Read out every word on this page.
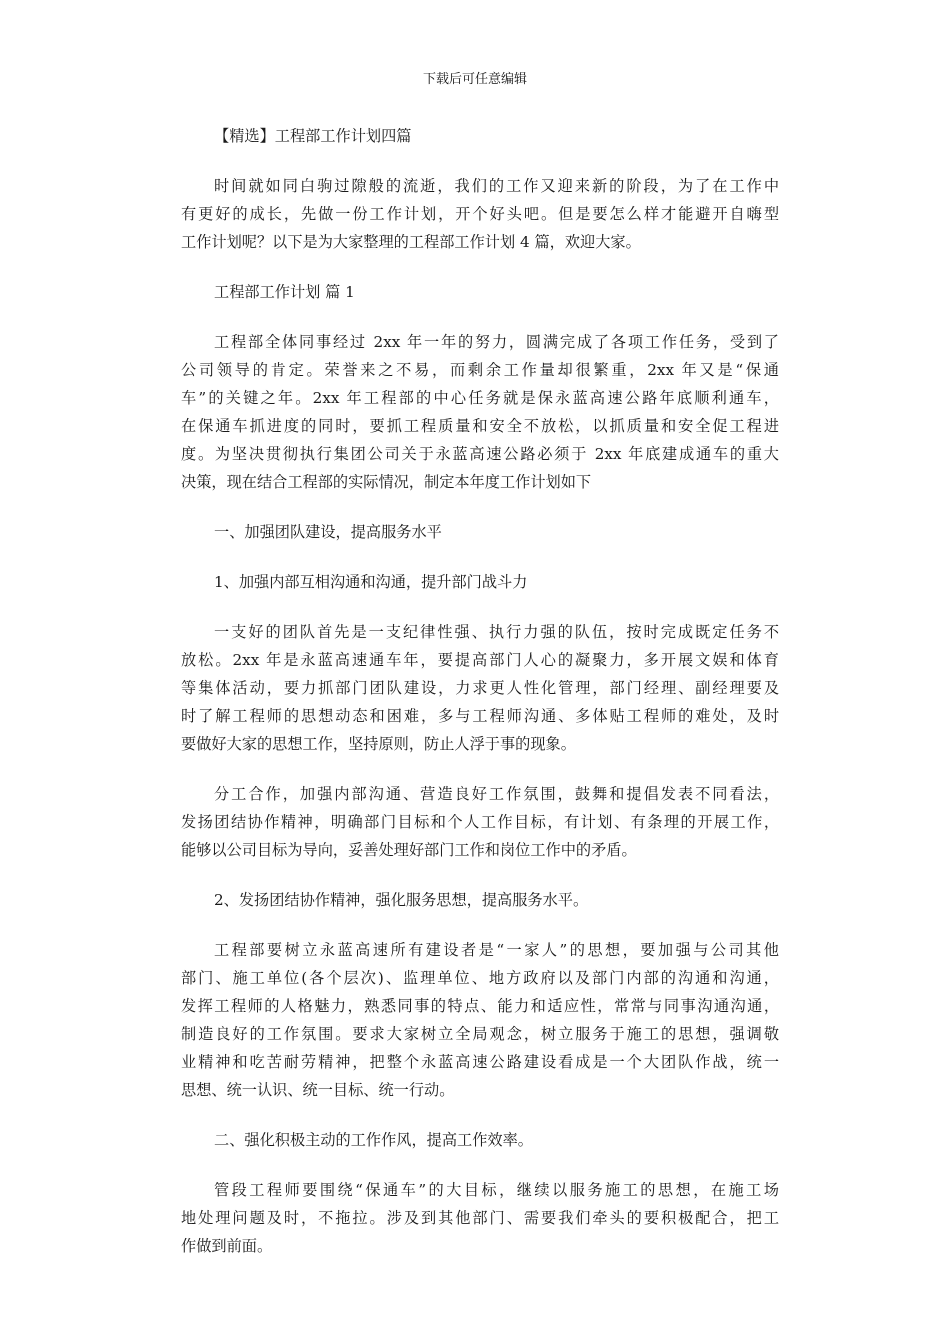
下载后可任意编辑

【精选】工程部工作计划四篇

时间就如同白驹过隙般的流逝，我们的工作又迎来新的阶段，为了在工作中

有更好的成长，先做一份工作计划，开个好头吧。但是要怎么样才能避开自嗨型

工作计划呢？以下是为大家整理的工程部工作计划 4 篇，欢迎大家。

工程部工作计划 篇 1

工程部全体同事经过 2xx 年一年的努力，圆满完成了各项工作任务，受到了

公司领导的肯定。荣誉来之不易，而剩余工作量却很繁重，2xx 年又是“保通

车”的关键之年。2xx 年工程部的中心任务就是保永蓝高速公路年底顺利通车，

在保通车抓进度的同时，要抓工程质量和安全不放松，以抓质量和安全促工程进

度。为坚决贯彻执行集团公司关于永蓝高速公路必须于 2xx 年底建成通车的重大

决策，现在结合工程部的实际情况，制定本年度工作计划如下

一、加强团队建设，提高服务水平

1、加强内部互相沟通和沟通，提升部门战斗力

一支好的团队首先是一支纪律性强、执行力强的队伍，按时完成既定任务不

放松。2xx 年是永蓝高速通车年，要提高部门人心的凝聚力，多开展文娱和体育

等集体活动，要力抓部门团队建设，力求更人性化管理，部门经理、副经理要及

时了解工程师的思想动态和困难，多与工程师沟通、多体贴工程师的难处，及时

要做好大家的思想工作，坚持原则，防止人浮于事的现象。

分工合作，加强内部沟通、营造良好工作氛围，鼓舞和提倡发表不同看法，

发扬团结协作精神，明确部门目标和个人工作目标，有计划、有条理的开展工作，

能够以公司目标为导向，妥善处理好部门工作和岗位工作中的矛盾。

2、发扬团结协作精神，强化服务思想，提高服务水平。

工程部要树立永蓝高速所有建设者是“一家人”的思想，要加强与公司其他

部门、施工单位(各个层次)、监理单位、地方政府以及部门内部的沟通和沟通，

发挥工程师的人格魅力，熟悉同事的特点、能力和适应性，常常与同事沟通沟通，

制造良好的工作氛围。要求大家树立全局观念，树立服务于施工的思想，强调敬

业精神和吃苦耐劳精神，把整个永蓝高速公路建设看成是一个大团队作战，统一

思想、统一认识、统一目标、统一行动。

二、强化积极主动的工作作风，提高工作效率。

管段工程师要围绕“保通车”的大目标，继续以服务施工的思想，在施工场

地处理问题及时，不拖拉。涉及到其他部门、需要我们牵头的要积极配合，把工

作做到前面。
